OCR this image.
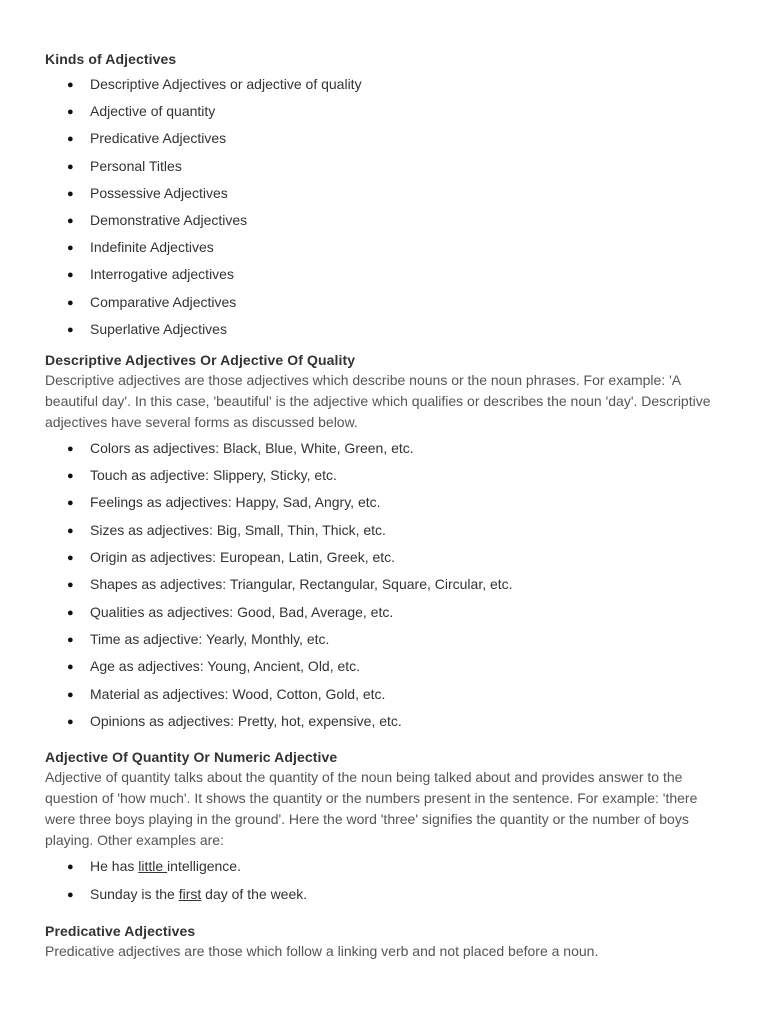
Kinds of Adjectives
● Descriptive Adjectives or adjective of quality
● Adjective of quantity
● Predicative Adjectives
● Personal Titles
● Possessive Adjectives
● Demonstrative Adjectives
● Indefinite Adjectives
● Interrogative adjectives
● Comparative Adjectives
● Superlative Adjectives
Descriptive Adjectives Or Adjective Of Quality

Descriptive adjectives are those adjectives which describe nouns or the noun phrases. For example: 'A beautiful day'. In this case, 'beautiful' is the adjective which qualifies or describes the noun 'day'. Descriptive adjectives have several forms as discussed below.

● Colors as adjectives: Black, Blue, White, Green, etc.
● Touch as adjective: Slippery, Sticky, etc.
● Feelings as adjectives: Happy, Sad, Angry, etc.
● Sizes as adjectives: Big, Small, Thin, Thick, etc.
● Origin as adjectives: European, Latin, Greek, etc.
● Shapes as adjectives: Triangular, Rectangular, Square, Circular, etc.
● Qualities as adjectives: Good, Bad, Average, etc.
● Time as adjective: Yearly, Monthly, etc.
● Age as adjectives: Young, Ancient, Old, etc.
● Material as adjectives: Wood, Cotton, Gold, etc.
● Opinions as adjectives: Pretty, hot, expensive, etc.
Adjective Of Quantity Or Numeric Adjective

Adjective of quantity talks about the quantity of the noun being talked about and provides answer to the question of 'how much'. It shows the quantity or the numbers present in the sentence. For example: 'there were three boys playing in the ground'. Here the word 'three' signifies the quantity or the number of boys playing. Other examples are:

● He has little intelligence.
● Sunday is the first day of the week.
Predicative Adjectives

Predicative adjectives are those which follow a linking verb and not placed before a noun.
